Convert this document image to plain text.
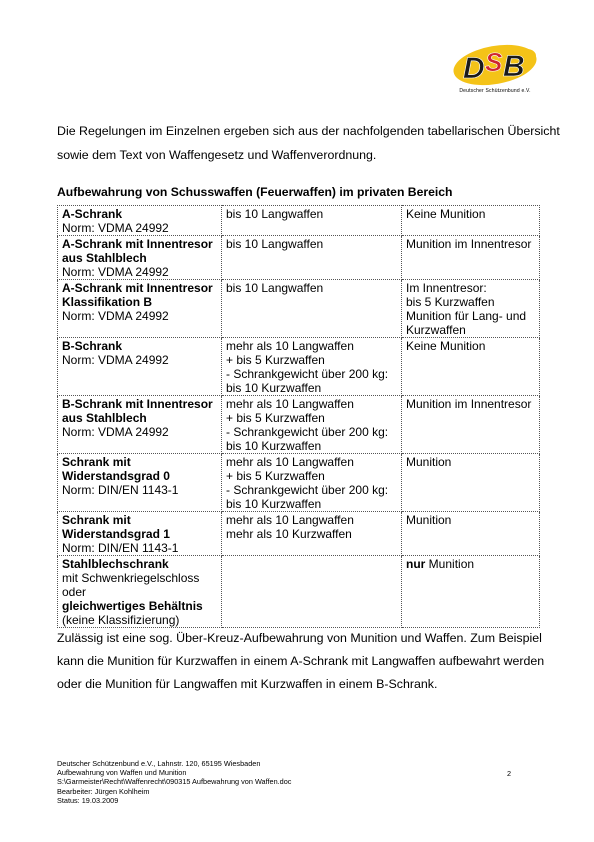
D S B
Deutscher Schützenbund e.V.

Die Regelungen im Einzelnen ergeben sich aus der nachfolgenden tabellarischen Übersicht

sowie dem Text von Waffengesetz und Waffenverordnung.

Aufbewahrung von Schusswaffen (Feuerwaffen) im privaten Bereich
A-Schrank
Norm: VDMA 24992	bis 10 Langwaffen	Keine Munition

A-Schrank mit Innentresor
aus Stahlblech
Norm: VDMA 24992	bis 10 Langwaffen	Munition im Innentresor

A-Schrank mit Innentresor
Klassifikation B
Norm: VDMA 24992	bis 10 Langwaffen	Im Innentresor:
bis 5 Kurzwaffen
Munition für Lang- und
Kurzwaffen

B-Schrank
Norm: VDMA 24992	mehr als 10 Langwaffen
+ bis 5 Kurzwaffen
- Schrankgewicht über 200 kg:
bis 10 Kurzwaffen	Keine Munition

B-Schrank mit Innentresor
aus Stahlblech
Norm: VDMA 24992	mehr als 10 Langwaffen
+ bis 5 Kurzwaffen
- Schrankgewicht über 200 kg:
bis 10 Kurzwaffen	Munition im Innentresor

Schrank mit
Widerstandsgrad 0
Norm: DIN/EN 1143-1	mehr als 10 Langwaffen
+ bis 5 Kurzwaffen
- Schrankgewicht über 200 kg:
bis 10 Kurzwaffen	Munition

Schrank mit
Widerstandsgrad 1
Norm: DIN/EN 1143-1	mehr als 10 Langwaffen
mehr als 10 Kurzwaffen	Munition

Stahlblechschrank
mit Schwenkriegelschloss
oder
gleichwertiges Behältnis
(keine Klassifizierung)		nur Munition

Zulässig ist eine sog. Über-Kreuz-Aufbewahrung von Munition und Waffen. Zum Beispiel

kann die Munition für Kurzwaffen in einem A-Schrank mit Langwaffen aufbewahrt werden

oder die Munition für Langwaffen mit Kurzwaffen in einem B-Schrank.

Deutscher Schützenbund e.V., Lahnstr. 120, 65195 Wiesbaden
Aufbewahrung von Waffen und Munition
S:\Garmeister\Recht\Waffenrecht\090315 Aufbewahrung von Waffen.doc
Bearbeiter: Jürgen Kohlheim
Status: 19.03.2009
2
